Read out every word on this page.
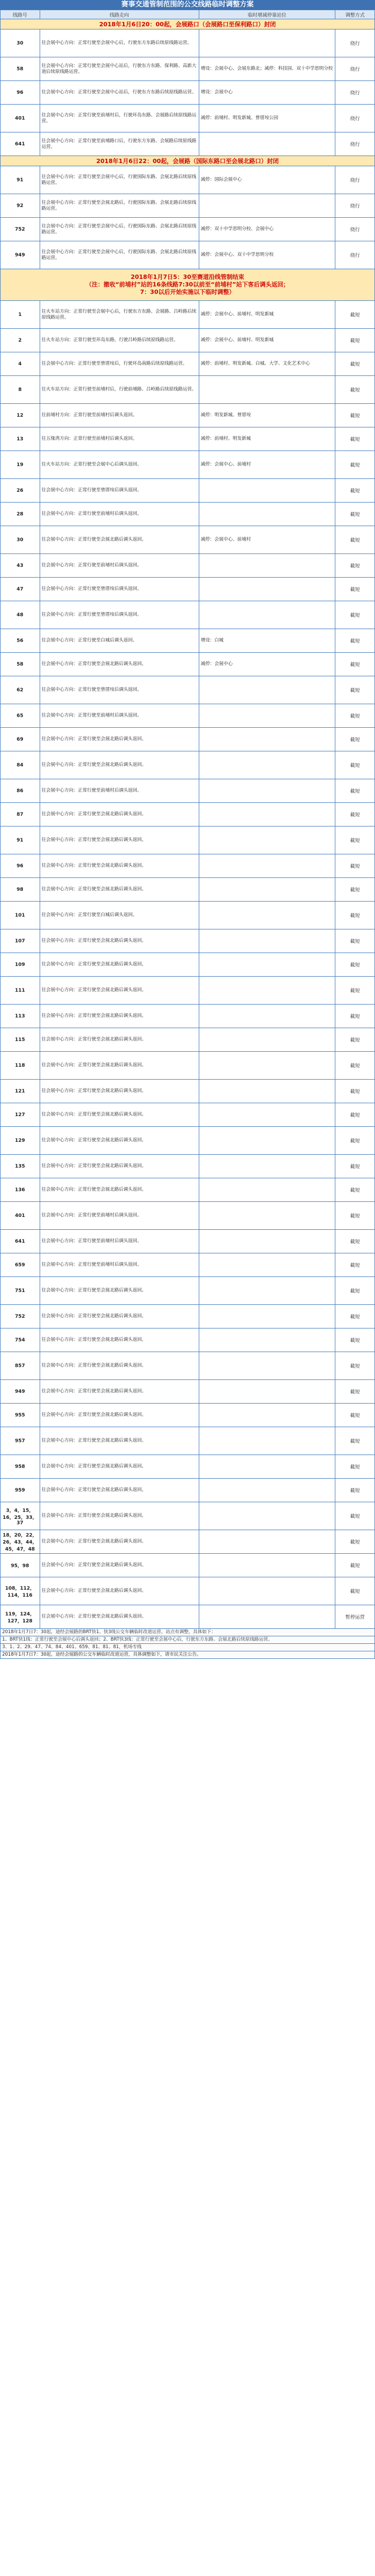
赛事交通管制范围的公交线路临时调整方案
线路号	线路走向	临时增减停靠站位	调整方式
2018年1月6日20：00起，会展路口（会展路口至保利路口）封闭			
30	往会展中心方向：正常行驶至会展中心后，行驶东方东路后续原线路运营。		绕行
58	往会展中心方向：正常行驶至会展中心站后，行驶东方东路、保利路、高新大道后续原线路运营。	增设：会展中心、会展东路北；减停：科技园、双十中学思明分校	绕行
96	往会展中心方向：正常行驶至会展中心站后，行驶东方东路后续原线路运营。	增设：会展中心	绕行
401	往会展中心方向：正常行驶至前埔村后，行驶环岛东路、会展路后续原线路运营。	减停：前埔村、明发新城、曾厝垵公园	绕行
641	往会展中心方向：正常行驶至前埔路口后，行驶东方东路、会展路后续原线路运营。		绕行
2018年1月6日22：00起，会展路（国际东路口至会展北路口）封闭			
91	往会展中心方向：正常行驶至会展中心后，行驶国际东路、会展北路后续原线路运营。	减停：国际会展中心	绕行
92	往会展中心方向：正常行驶至会展北路后，行驶国际东路、会展北路后续原线路运营。		绕行
752	往会展中心方向：正常行驶至会展中心后，行驶国际东路、会展北路后续原线路运营。	减停：双十中学思明分校、会展中心	绕行
949	往会展中心方向：正常行驶至会展中心后，行驶国际东路、会展北路后续原线路运营。	减停：会展中心、双十中学思明分校	绕行

2018年1月7日5：30至赛道沿线管制结束
（注：撤收“前埔村”站的16条线路7:30以前至“前埔村”站下客后调头返回；
7：30以后开始实施以下临时调整）			

1	往火车站方向：正常行驶至会展中心后，行驶东方东路、会展路、吕岭路后续原线路运营。	减停：会展中心、前埔村、明发新城	截短
2	往火车站方向：正常行驶至环岛东路，行驶吕岭路后续原线路运营。	减停：会展中心、前埔村、明发新城	截短
4	往会展中心方向：正常行驶至曾厝垵后，行驶环岛南路后续原线路运营。	减停：前埔村、明发新城、白城、大学、文化艺术中心	截短
8	往火车站方向：正常行驶至前埔村后，行驶前埔路、吕岭路后续原线路运营。		截短
12	往前埔村方向：正常行驶至前埔村后调头返回。	减停：明发新城、曾厝垵	截短
13	往五缘湾方向：正常行驶至前埔村后调头返回。	减停：前埔村、明发新城	截短
19	往火车站方向：正常行驶至会展中心后调头返回。	减停：会展中心、前埔村	截短
26	往会展中心方向：正常行驶至曾厝垵后调头返回。		截短
28	往会展中心方向：正常行驶至前埔村后调头返回。		截短
30	往会展中心方向：正常行驶至会展北路后调头返回。	减停：会展中心、前埔村	截短
43	往会展中心方向：正常行驶至前埔村后调头返回。		截短
47	往会展中心方向：正常行驶至曾厝垵后调头返回。		截短
48	往会展中心方向：正常行驶至曾厝垵后调头返回。		截短
56	往会展中心方向：正常行驶至白城后调头返回。	增设：白城	截短
58	往会展中心方向：正常行驶至会展北路后调头返回。	减停：会展中心	截短
62	往会展中心方向：正常行驶至曾厝垵后调头返回。		截短
65	往会展中心方向：正常行驶至前埔村后调头返回。		截短
69	往会展中心方向：正常行驶至会展北路后调头返回。		截短
84	往会展中心方向：正常行驶至会展北路后调头返回。		截短
86	往会展中心方向：正常行驶至前埔村后调头返回。		截短
87	往会展中心方向：正常行驶至会展北路后调头返回。		截短
91	往会展中心方向：正常行驶至会展北路后调头返回。		截短
96	往会展中心方向：正常行驶至会展北路后调头返回。		截短
98	往会展中心方向：正常行驶至会展北路后调头返回。		截短
101	往会展中心方向：正常行驶至白城后调头返回。		截短
107	往会展中心方向：正常行驶至会展北路后调头返回。		截短
109	往会展中心方向：正常行驶至会展北路后调头返回。		截短
111	往会展中心方向：正常行驶至会展北路后调头返回。		截短
113	往会展中心方向：正常行驶至会展北路后调头返回。		截短
115	往会展中心方向：正常行驶至会展北路后调头返回。		截短
118	往会展中心方向：正常行驶至会展北路后调头返回。		截短
121	往会展中心方向：正常行驶至会展北路后调头返回。		截短
127	往会展中心方向：正常行驶至会展北路后调头返回。		截短
129	往会展中心方向：正常行驶至会展北路后调头返回。		截短
135	往会展中心方向：正常行驶至会展北路后调头返回。		截短
136	往会展中心方向：正常行驶至会展北路后调头返回。		截短
401	往会展中心方向：正常行驶至前埔村后调头返回。		截短
641	往会展中心方向：正常行驶至前埔村后调头返回。		截短
659	往会展中心方向：正常行驶至前埔村后调头返回。		截短
751	往会展中心方向：正常行驶至会展北路后调头返回。		截短
752	往会展中心方向：正常行驶至会展北路后调头返回。		截短
754	往会展中心方向：正常行驶至会展北路后调头返回。		截短
857	往会展中心方向：正常行驶至会展北路后调头返回。		截短
949	往会展中心方向：正常行驶至会展北路后调头返回。		截短
955	往会展中心方向：正常行驶至会展北路后调头返回。		截短
957	往会展中心方向：正常行驶至会展北路后调头返回。		截短
958	往会展中心方向：正常行驶至会展北路后调头返回。		截短
959	往会展中心方向：正常行驶至会展北路后调头返回。		截短
3，4，15，16，25，33，37	往会展中心方向：正常行驶至会展北路后调头返回。		截短
18，20，22，26，43，44，45，47，48	往会展中心方向：正常行驶至会展北路后调头返回。		截短
95，98	往会展中心方向：正常行驶至会展北路后调头返回。		截短
108，112，114，116	往会展中心方向：正常行驶至会展北路后调头返回。		截短
119，124，127，128	往会展中心方向：正常行驶至会展北路后调头返回。		暂停运营
2018年1月7日7：30起，途经会展路的BRT快1、快3线公交车辆临时改道运营，站点有调整，具体如下：			
1、BRT快1线：正常行驶至会展中心后调头返回；2、BRT快3线：正常行驶至会展中心后，行驶东方东路、会展北路后续原线路运营。			
3、1、2、29、47、74、84、401、659、81、81、81，机场专线			
2018年1月7日7：30起，途经会展路的公交车辆临时改道运营，具体调整如下，请市民关注公告。			
